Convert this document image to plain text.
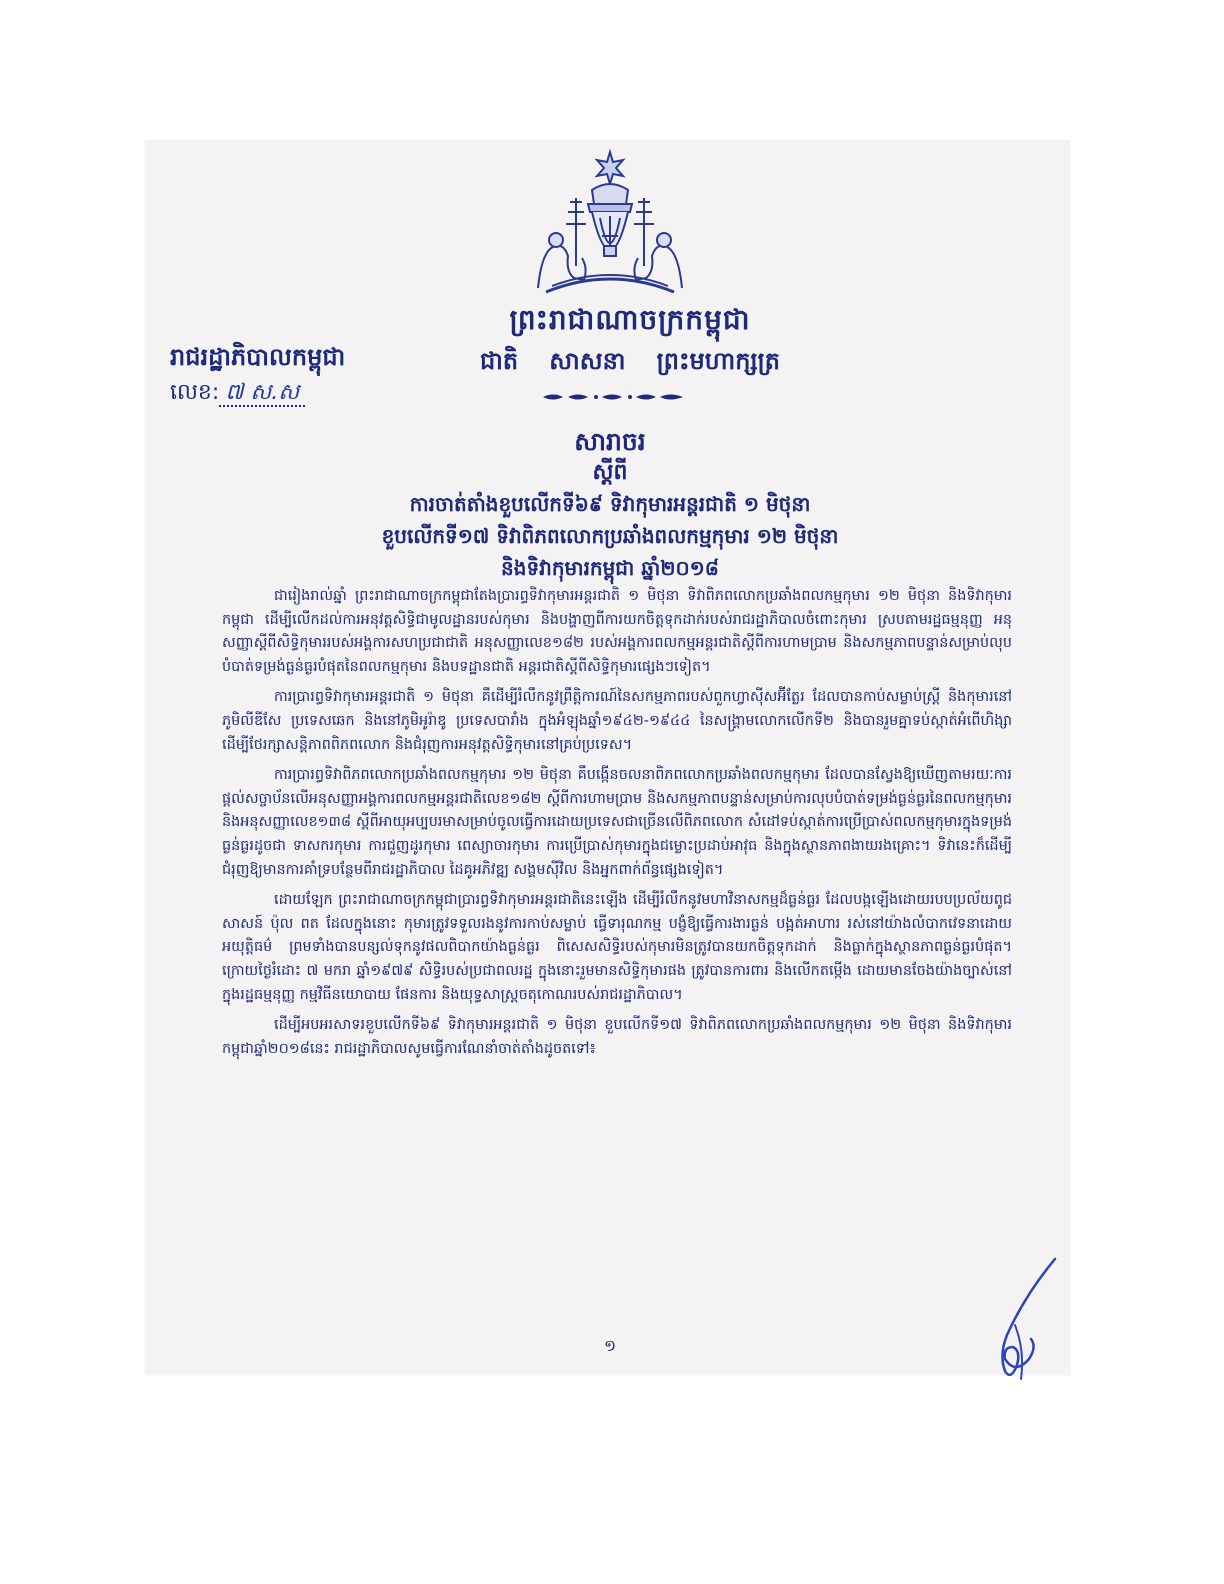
ព្រះរាជាណាចក្រកម្ពុជា
ជាតិ សាសនា ព្រះមហាក្សត្រ
រាជរដ្ឋាភិបាលកម្ពុជា
លេខ: ៧ ស.ស
សារាចរ
ស្តីពី
ការចាត់តាំងខួបលើកទី៦៩ ទិវាកុមារអន្តរជាតិ ១ មិថុនា
ខួបលើកទី១៧ ទិវាពិភពលោកប្រឆាំងពលកម្មកុមារ ១២ មិថុនា
និងទិវាកុមារកម្ពុជា ឆ្នាំ២០១៨

ជារៀងរាល់ឆ្នាំ ព្រះរាជាណាចក្រកម្ពុជាតែងប្រារព្ធទិវាកុមារអន្តរជាតិ ១ មិថុនា ទិវាពិភពលោកប្រឆាំងពលកម្មកុមារ ១២ មិថុនា និងទិវាកុមារកម្ពុជា ដើម្បីលើកដល់ការអនុវត្តសិទ្ធិជាមូលដ្ឋានរបស់កុមារ និងបង្ហាញពីការយកចិត្តទុកដាក់របស់រាជរដ្ឋាភិបាលចំពោះកុមារ ស្របតាមរដ្ឋធម្មនុញ្ញ អនុសញ្ញាស្តីពីសិទ្ធិកុមាររបស់អង្គការសហប្រជាជាតិ អនុសញ្ញាលេខ១៨២ របស់អង្គការពលកម្មអន្តរជាតិស្តីពីការហាមប្រាម និងសកម្មភាពបន្ទាន់សម្រាប់លុបបំបាត់ទម្រង់ធ្ងន់ធ្ងរបំផុតនៃពលកម្មកុមារ និងបទដ្ឋានជាតិ អន្តរជាតិស្តីពីសិទ្ធិកុមារផ្សេងៗទៀត។

ការប្រារព្ធទិវាកុមារអន្តរជាតិ ១ មិថុនា គឺដើម្បីរំលឹកនូវព្រឹត្តិការណ៍នៃសកម្មភាពរបស់ពួកហ្វាស៊ីសអ៊ីត្លែរ ដែលបានកាប់សម្លាប់ស្ត្រី និងកុមារនៅភូមិលីឌីសែ ប្រទេសឆេក និងនៅភូមិអូរ៉ាឌូ ប្រទេសបារាំង ក្នុងអំឡុងឆ្នាំ១៩៤២-១៩៤៤ នៃសង្គ្រាមលោកលើកទី២ និងបានរួមគ្នាទប់ស្កាត់អំពើហិង្សា ដើម្បីថែរក្សាសន្តិភាពពិភពលោក និងជំរុញការអនុវត្តសិទ្ធិកុមារនៅគ្រប់ប្រទេស។

ការប្រារព្ធទិវាពិភពលោកប្រឆាំងពលកម្មកុមារ ១២ មិថុនា គឺបង្កើនចលនាពិភពលោកប្រឆាំងពលកម្មកុមារ ដែលបានស្វែងឱ្យឃើញតាមរយៈការផ្តល់សច្ចាប័នលើអនុសញ្ញាអង្គការពលកម្មអន្តរជាតិលេខ១៨២ ស្តីពីការហាមប្រាម និងសកម្មភាពបន្ទាន់សម្រាប់ការលុបបំបាត់ទម្រង់ធ្ងន់ធ្ងរនៃពលកម្មកុមារ និងអនុសញ្ញាលេខ១៣៨ ស្តីពីអាយុអប្បបរមាសម្រាប់ចូលធ្វើការដោយប្រទេសជាច្រើនលើពិភពលោក សំដៅទប់ស្កាត់ការប្រើប្រាស់ពលកម្មកុមារក្នុងទម្រង់ធ្ងន់ធ្ងរដូចជា ទាសករកុមារ ការជួញដូរកុមារ ពេស្យាចារកុមារ ការប្រើប្រាស់កុមារក្នុងជម្លោះប្រដាប់អាវុធ និងក្នុងស្ថានភាពងាយរងគ្រោះ។ ទិវានេះក៏ដើម្បីជំរុញឱ្យមានការគាំទ្របន្ថែមពីរាជរដ្ឋាភិបាល ដៃគូអភិវឌ្ឍ សង្គមស៊ីវិល និងអ្នកពាក់ព័ន្ធផ្សេងទៀត។

ដោយឡែក ព្រះរាជាណាចក្រកម្ពុជាប្រារព្ធទិវាកុមារអន្តរជាតិនេះឡើង ដើម្បីរំលឹកនូវមហាវិនាសកម្មដ៏ធ្ងន់ធ្ងរ ដែលបង្កឡើងដោយរបបប្រល័យពូជសាសន៍ ប៉ុល ពត ដែលក្នុងនោះ កុមារត្រូវទទួលរងនូវការកាប់សម្លាប់ ធ្វើទារុណកម្ម បង្ខំឱ្យធ្វើការងារធ្ងន់ បង្អត់អាហារ រស់នៅយ៉ាងលំបាកវេទនាដោយអយុត្តិធម៌ ព្រមទាំងបានបន្សល់ទុកនូវផលពិបាកយ៉ាងធ្ងន់ធ្ងរ ពិសេសសិទ្ធិរបស់កុមារមិនត្រូវបានយកចិត្តទុកដាក់ និងធ្លាក់ក្នុងស្ថានភាពធ្ងន់ធ្ងរបំផុត។ ក្រោយថ្ងៃរំដោះ ៧ មករា ឆ្នាំ១៩៧៩ សិទ្ធិរបស់ប្រជាពលរដ្ឋ ក្នុងនោះរួមមានសិទ្ធិកុមារផង ត្រូវបានការពារ និងលើកតម្កើង ដោយមានចែងយ៉ាងច្បាស់នៅក្នុងរដ្ឋធម្មនុញ្ញ កម្មវិធីនយោបាយ ផែនការ និងយុទ្ធសាស្ត្រចតុកោណរបស់រាជរដ្ឋាភិបាល។

ដើម្បីអបអរសាទរខួបលើកទី៦៩ ទិវាកុមារអន្តរជាតិ ១ មិថុនា ខួបលើកទី១៧ ទិវាពិភពលោកប្រឆាំងពលកម្មកុមារ ១២ មិថុនា និងទិវាកុមារកម្ពុជាឆ្នាំ២០១៨នេះ រាជរដ្ឋាភិបាលសូមធ្វើការណែនាំចាត់តាំងដូចតទៅ៖

១
